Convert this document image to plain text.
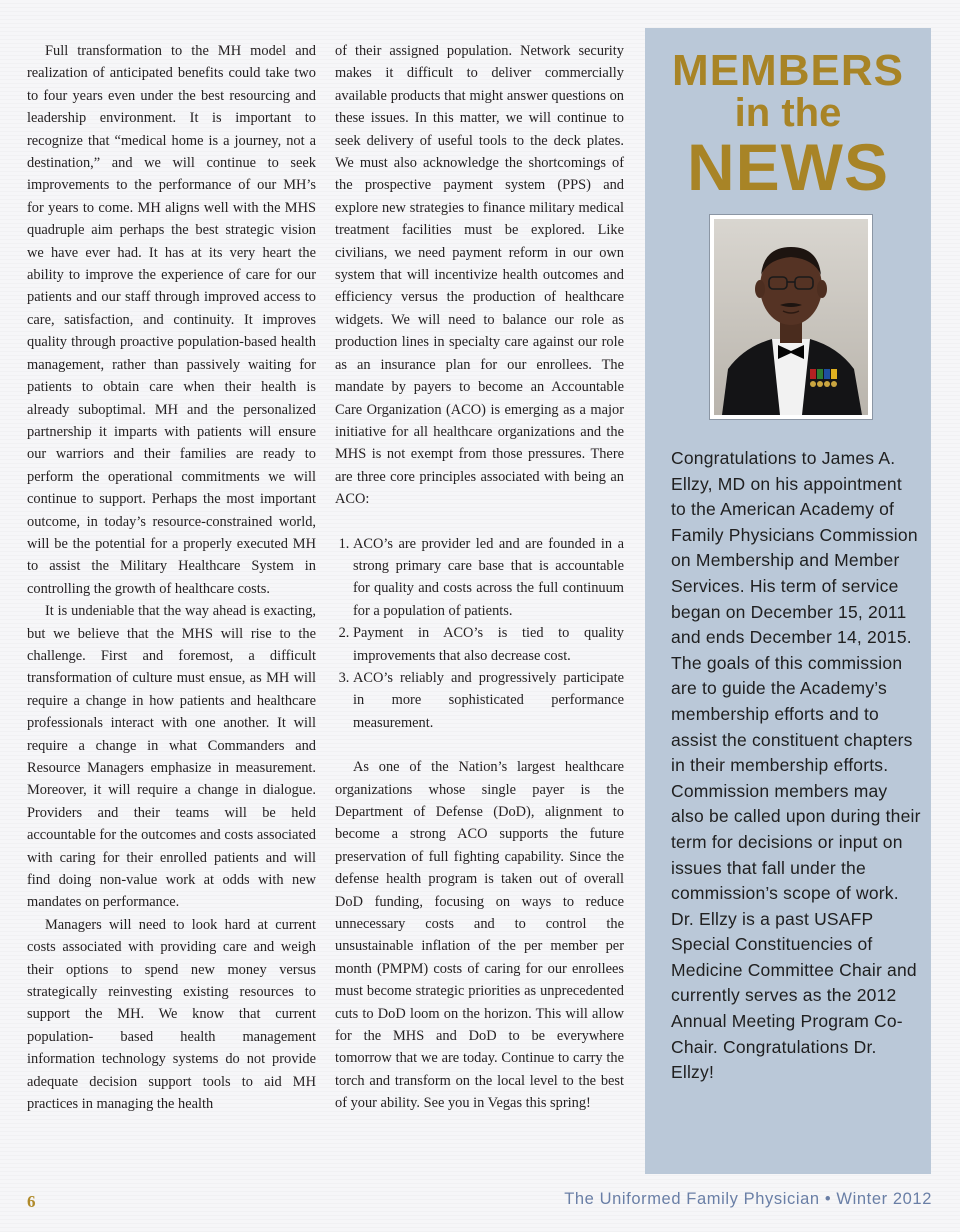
Full transformation to the MH model and realization of anticipated benefits could take two to four years even under the best resourcing and leadership environment. It is important to recognize that “medical home is a journey, not a destination,” and we will continue to seek improvements to the performance of our MH’s for years to come. MH aligns well with the MHS quadruple aim perhaps the best strategic vision we have ever had. It has at its very heart the ability to improve the experience of care for our patients and our staff through improved access to care, satisfaction, and continuity. It improves quality through proactive population-based health management, rather than passively waiting for patients to obtain care when their health is already suboptimal. MH and the personalized partnership it imparts with patients will ensure our warriors and their families are ready to perform the operational commitments we will continue to support. Perhaps the most important outcome, in today’s resource-constrained world, will be the potential for a properly executed MH to assist the Military Healthcare System in controlling the growth of healthcare costs.

It is undeniable that the way ahead is exacting, but we believe that the MHS will rise to the challenge. First and foremost, a difficult transformation of culture must ensue, as MH will require a change in how patients and healthcare professionals interact with one another. It will require a change in what Commanders and Resource Managers emphasize in measurement. Moreover, it will require a change in dialogue. Providers and their teams will be held accountable for the outcomes and costs associated with caring for their enrolled patients and will find doing non-value work at odds with new mandates on performance.

Managers will need to look hard at current costs associated with providing care and weigh their options to spend new money versus strategically reinvesting existing resources to support the MH. We know that current population- based health management information technology systems do not provide adequate decision support tools to aid MH practices in managing the health

of their assigned population. Network security makes it difficult to deliver commercially available products that might answer questions on these issues. In this matter, we will continue to seek delivery of useful tools to the deck plates. We must also acknowledge the shortcomings of the prospective payment system (PPS) and explore new strategies to finance military medical treatment facilities must be explored. Like civilians, we need payment reform in our own system that will incentivize health outcomes and efficiency versus the production of healthcare widgets. We will need to balance our role as production lines in specialty care against our role as an insurance plan for our enrollees. The mandate by payers to become an Accountable Care Organization (ACO) is emerging as a major initiative for all healthcare organizations and the MHS is not exempt from those pressures. There are three core principles associated with being an ACO:

1. ACO’s are provider led and are founded in a strong primary care base that is accountable for quality and costs across the full continuum for a population of patients.
2. Payment in ACO’s is tied to quality improvements that also decrease cost.
3. ACO’s reliably and progressively participate in more sophisticated performance measurement.

As one of the Nation’s largest healthcare organizations whose single payer is the Department of Defense (DoD), alignment to become a strong ACO supports the future preservation of full fighting capability. Since the defense health program is taken out of overall DoD funding, focusing on ways to reduce unnecessary costs and to control the unsustainable inflation of the per member per month (PMPM) costs of caring for our enrollees must become strategic priorities as unprecedented cuts to DoD loom on the horizon. This will allow for the MHS and DoD to be everywhere tomorrow that we are today. Continue to carry the torch and transform on the local level to the best of your ability. See you in Vegas this spring!

MEMBERS
in the
NEWS
Congratulations to James A. Ellzy, MD on his appointment to the American Academy of Family Physicians Commission on Membership and Member Services. His term of service began on December 15, 2011 and ends December 14, 2015. The goals of this commission are to guide the Academy’s membership efforts and to assist the constituent chapters in their membership efforts. Commission members may also be called upon during their term for decisions or input on issues that fall under the commission’s scope of work. Dr. Ellzy is a past USAFP Special Constituencies of Medicine Committee Chair and currently serves as the 2012 Annual Meeting Program Co-Chair. Congratulations Dr. Ellzy!
6	The Uniformed Family Physician • Winter 2012
